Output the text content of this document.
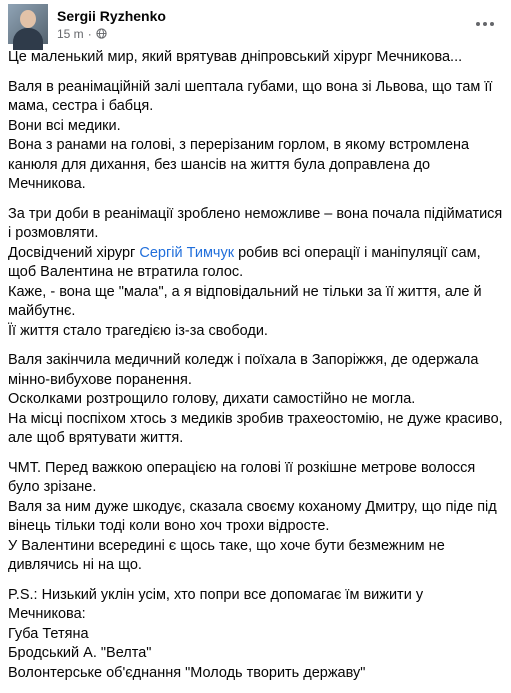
Sergii Ryzhenko
15 m ·
Це маленький мир, який врятував дніпровський хірург Мечникова...
Валя в реанімаційній залі шептала губами, що вона зі Львова, що там її мама, сестра і бабця.
Вони всі медики.
Вона з ранами на голові, з перерізаним горлом, в якому встромлена канюля для дихання, без шансів на життя була доправлена до Мечникова.
За три доби в реанімації зроблено неможливе – вона почала підійматися і розмовляти.
Досвідчений хірург Сергій Тимчук робив всі операції і маніпуляції сам, щоб Валентина не втратила голос.
Каже, - вона ще "мала", а я відповідальний не тільки за її життя, але й майбутнє.
Її життя стало трагедією із-за свободи.
Валя закінчила медичний коледж і поїхала в Запоріжжя, де одержала мінно-вибухове поранення.
Осколками розтрощило голову, дихати самостійно не могла.
На місці поспіхом хтось з медиків зробив трахеостомію, не дуже красиво, але щоб врятувати життя.
ЧМТ. Перед важкою операцією на голові її розкішне метрове волосся було зрізане.
Валя за ним дуже шкодує, сказала своєму коханому Дмитру, що піде під вінець тільки тоді коли воно хоч трохи відросте.
У Валентини всередині є щось таке, що хоче бути безмежним не дивлячись ні на що.
P.S.: Низький уклін усім, хто попри все допомагає їм вижити у Мечникова:
Губа Тетяна
Бродський А. "Велта"
Волонтерське об'єднання "Молодь творить державу"
